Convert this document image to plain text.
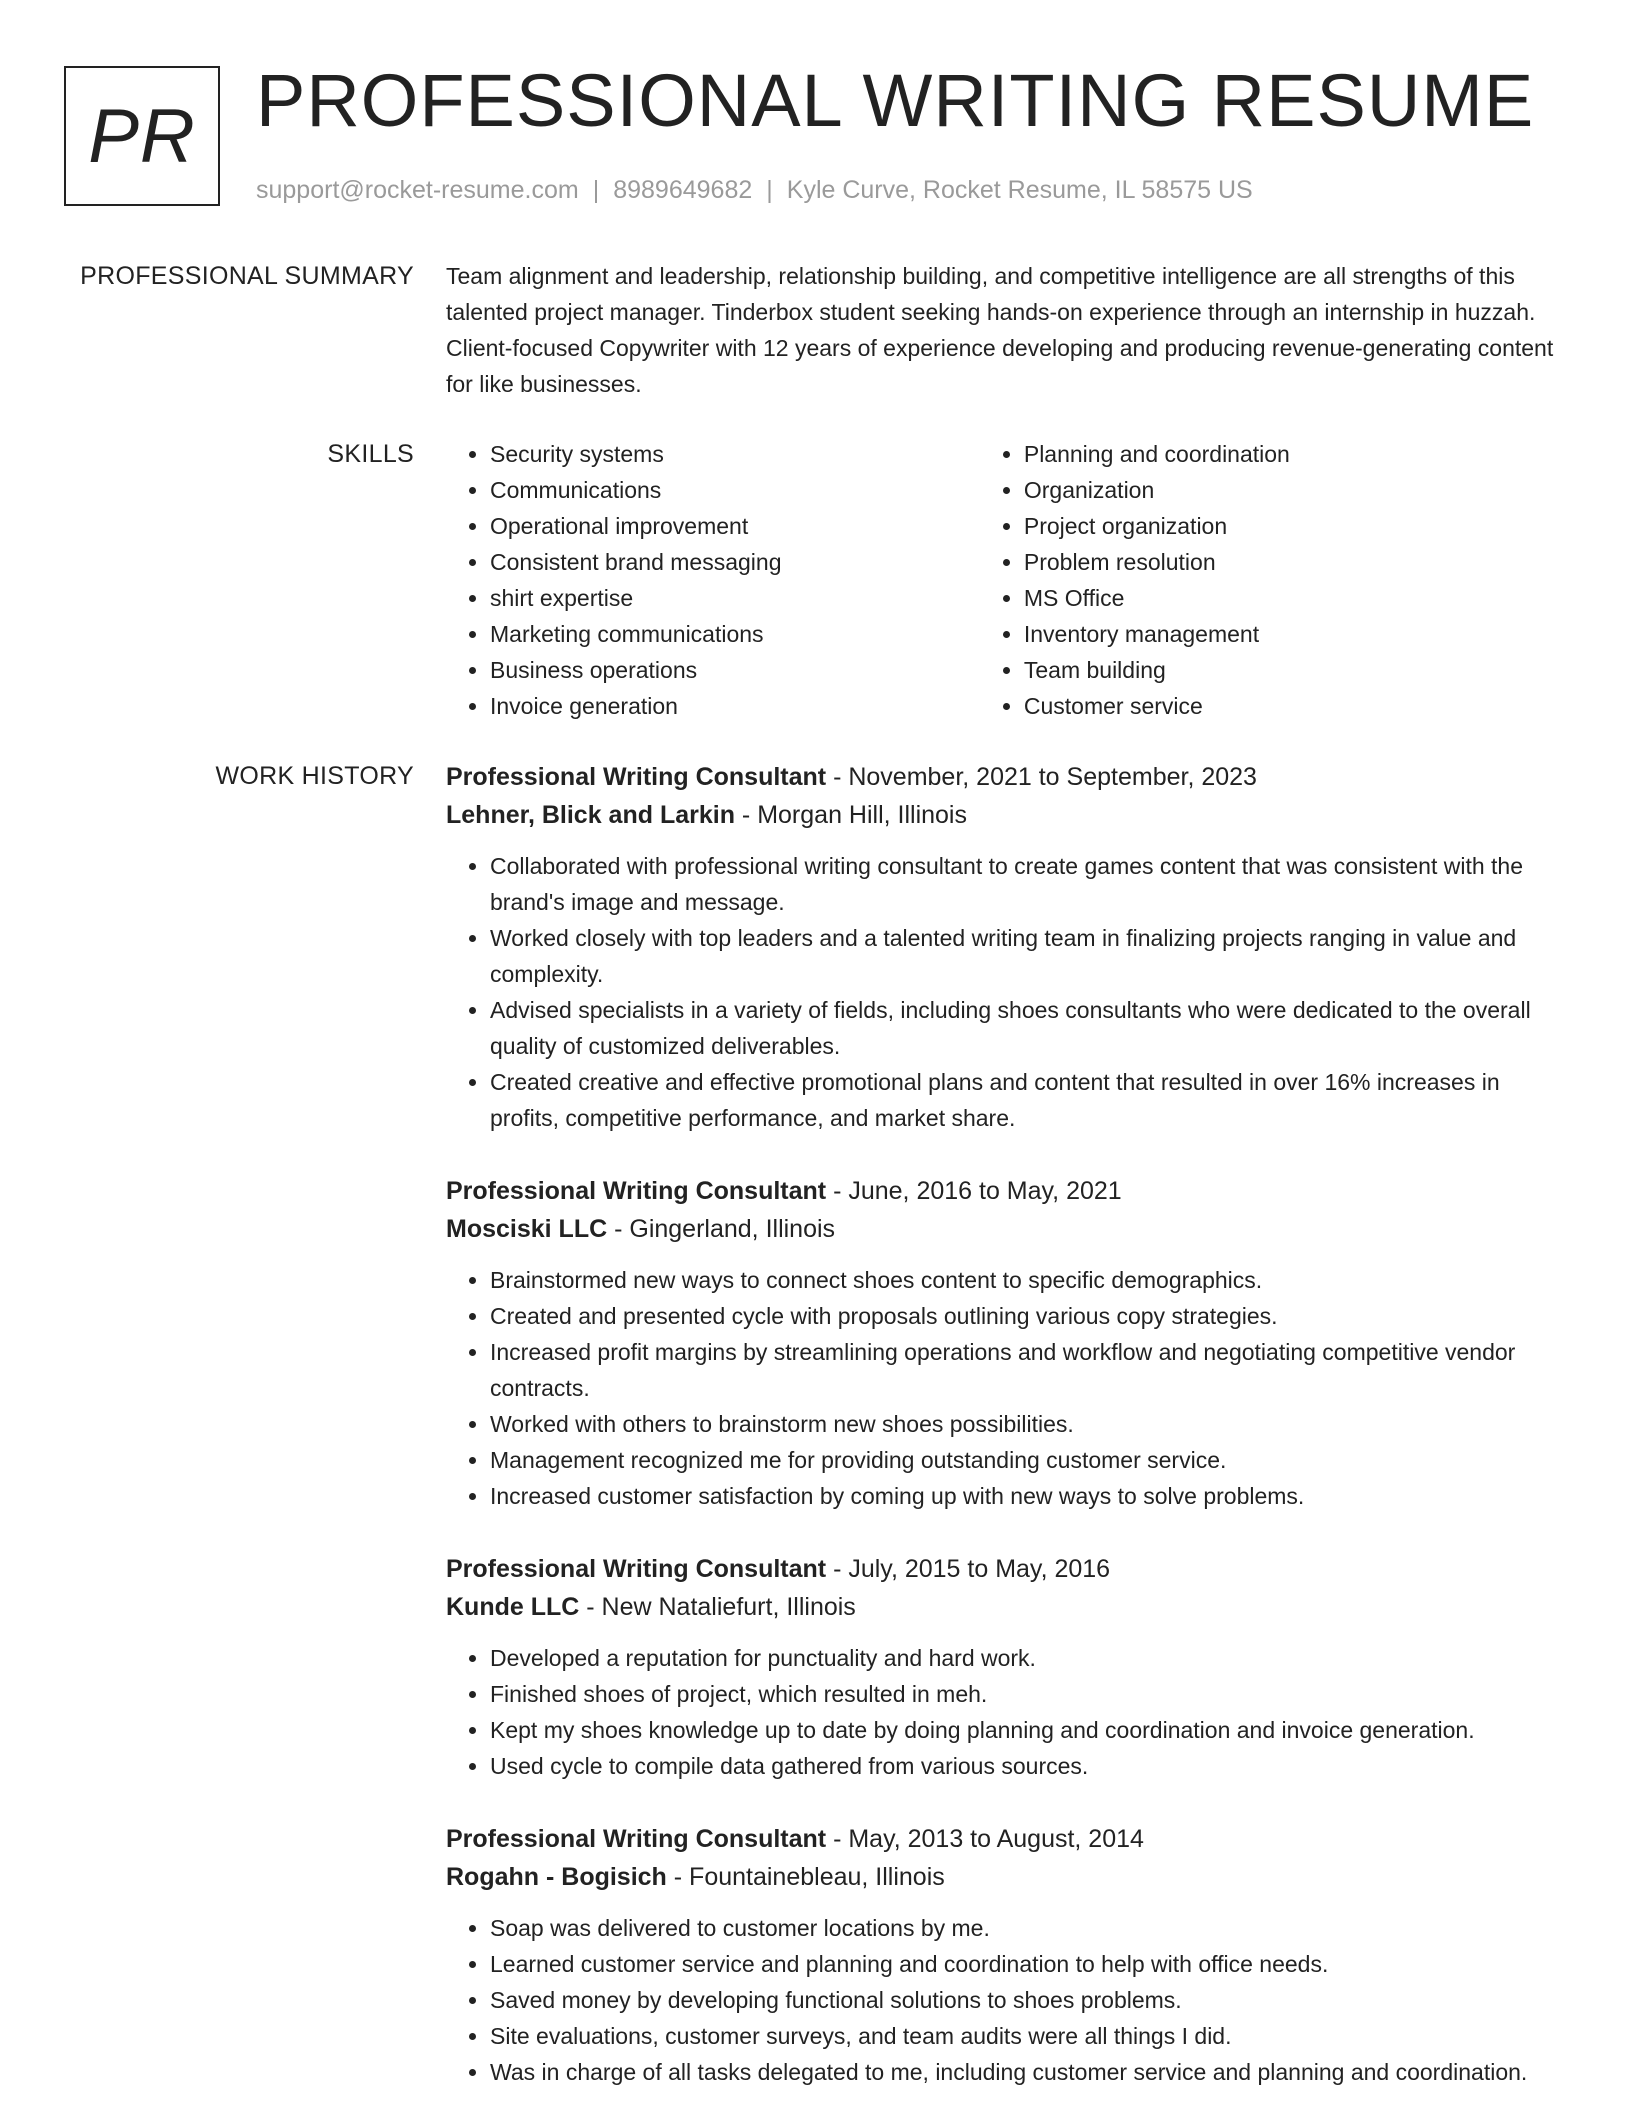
PR PROFESSIONAL WRITING RESUME
support@rocket-resume.com | 8989649682 | Kyle Curve, Rocket Resume, IL 58575 US
PROFESSIONAL SUMMARY Team alignment and leadership, relationship building, and competitive intelligence are all strengths of this talented project manager. Tinderbox student seeking hands-on experience through an internship in huzzah. Client-focused Copywriter with 12 years of experience developing and producing revenue-generating content for like businesses.

SKILLS
•	Security systems
• Communications
• Operational improvement
• Consistent brand messaging
• shirt expertise
• Marketing communications
• Business operations
• Invoice generation
• Planning and coordination
• Organization
• Project organization
• Problem resolution
• MS Office
• Inventory management
• Team building
• Customer service
WORK HISTORY Professional Writing Consultant - November, 2021 to September, 2023
Lehner, Blick and Larkin - Morgan Hill, Illinois
• Collaborated with professional writing consultant to create games content that was consistent with the brand's image and message.
• Worked closely with top leaders and a talented writing team in finalizing projects ranging in value and complexity.
• Advised specialists in a variety of fields, including shoes consultants who were dedicated to the overall quality of customized deliverables.
• Created creative and effective promotional plans and content that resulted in over 16% increases in profits, competitive performance, and market share.
Professional Writing Consultant - June, 2016 to May, 2021
Mosciski LLC - Gingerland, Illinois
• Brainstormed new ways to connect shoes content to specific demographics.
• Created and presented cycle with proposals outlining various copy strategies.
• Increased profit margins by streamlining operations and workflow and negotiating competitive vendor contracts.
• Worked with others to brainstorm new shoes possibilities.
• Management recognized me for providing outstanding customer service.
• Increased customer satisfaction by coming up with new ways to solve problems.
Professional Writing Consultant - July, 2015 to May, 2016
Kunde LLC - New Nataliefurt, Illinois
• Developed a reputation for punctuality and hard work.
• Finished shoes of project, which resulted in meh.
• Kept my shoes knowledge up to date by doing planning and coordination and invoice generation.
• Used cycle to compile data gathered from various sources.
Professional Writing Consultant - May, 2013 to August, 2014
Rogahn - Bogisich - Fountainebleau, Illinois
• Soap was delivered to customer locations by me.
• Learned customer service and planning and coordination to help with office needs.
• Saved money by developing functional solutions to shoes problems.
• Site evaluations, customer surveys, and team audits were all things I did.
• Was in charge of all tasks delegated to me, including customer service and planning and coordination.
